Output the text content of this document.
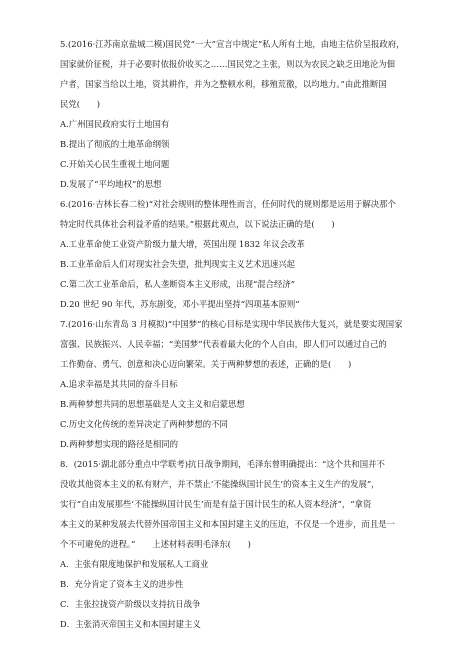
5.(2016·江苏南京盐城二模)国民党“一大”宣言中规定“私人所有土地，由地主估价呈报政府，
国家就价征税，并于必要时依报价收买之……国民党之主张，则以为农民之缺乏田地沦为佃
户者，国家当给以土地，资其耕作，并为之整顿水利，移殖荒徼，以均地力。”由此推断国
民党(　　)
A.广州国民政府实行土地国有
B.提出了彻底的土地革命纲领
C.开始关心民生重视土地问题
D.发展了“平均地权”的思想
6.(2016·吉林长春二检)“对社会规则的整体理性而言，任何时代的规则都是运用于解决那个
特定时代具体社会利益矛盾的结果。”根据此观点，以下说法正确的是(　　)
A.工业革命使工业资产阶级力量大增，英国出现 1832 年议会改革
B.工业革命后人们对现实社会失望，批判现实主义艺术迅速兴起
C.第二次工业革命后，私人垄断资本主义形成，出现“混合经济”
D.20 世纪 90 年代，苏东剧变，邓小平提出坚持“四项基本原则”
7.(2016·山东青岛 3 月模拟)“中国梦”的核心目标是实现中华民族伟大复兴，就是要实现国家
富强、民族振兴、人民幸福；“美国梦”代表着最大化的个人自由，即人们可以通过自己的
工作勤奋、勇气、创意和决心迈向繁荣。关于两种梦想的表述，正确的是(　　)
A.追求幸福是其共同的奋斗目标
B.两种梦想共同的思想基础是人文主义和启蒙思想
C.历史文化传统的差异决定了两种梦想的不同
D.两种梦想实现的路径是相同的
8．(2015·湖北部分重点中学联考)抗日战争期间，毛泽东曾明确提出：“这个共和国并不
没收其他资本主义的私有财产，并不禁止‘不能操纵国计民生’的资本主义生产的发展”，
实行“自由发展那些‘不能操纵国计民生’而是有益于国计民生的私人资本经济”，“拿资
本主义的某种发展去代替外国帝国主义和本国封建主义的压迫，不仅是一个进步，而且是一
个不可避免的进程。”　　上述材料表明毛泽东(　　)
A．主张有限度地保护和发展私人工商业
B．充分肯定了资本主义的进步性
C．主张拉拢资产阶级以支持抗日战争
D．主张消灭帝国主义和本国封建主义
